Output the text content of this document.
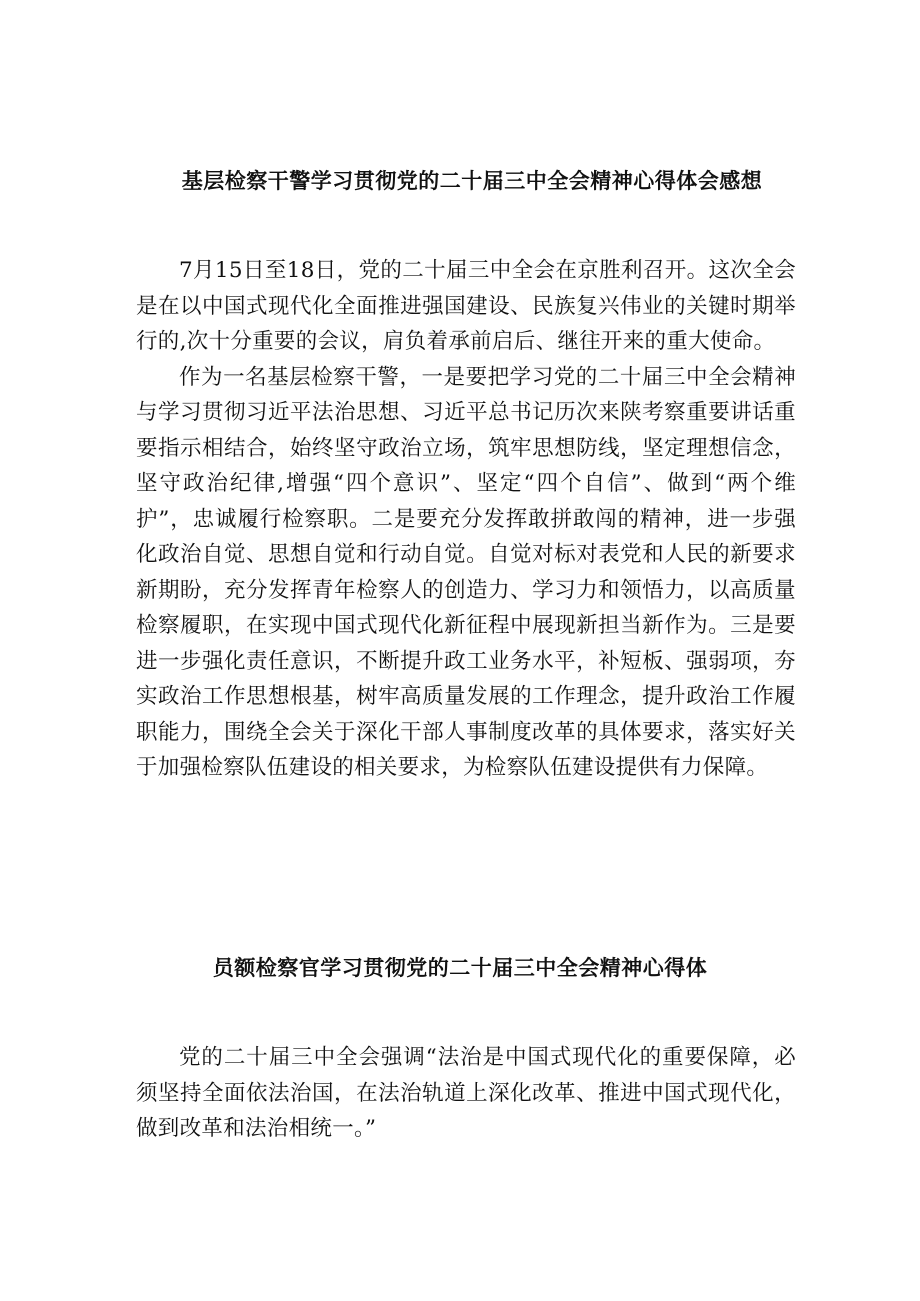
基层检察干警学习贯彻党的二十届三中全会精神心得体会感想

7月15日至18日，党的二十届三中全会在京胜利召开。这次全会是在以中国式现代化全面推进强国建设、民族复兴伟业的关键时期举行的,次十分重要的会议，肩负着承前启后、继往开来的重大使命。

作为一名基层检察干警，一是要把学习党的二十届三中全会精神与学习贯彻习近平法治思想、习近平总书记历次来陕考察重要讲话重要指示相结合，始终坚守政治立场，筑牢思想防线，坚定理想信念，坚守政治纪律,增强“四个意识”、坚定“四个自信”、做到“两个维护”，忠诚履行检察职。二是要充分发挥敢拼敢闯的精神，进一步强化政治自觉、思想自觉和行动自觉。自觉对标对表党和人民的新要求新期盼，充分发挥青年检察人的创造力、学习力和领悟力，以高质量检察履职，在实现中国式现代化新征程中展现新担当新作为。三是要进一步强化责任意识，不断提升政工业务水平，补短板、强弱项，夯实政治工作思想根基，树牢高质量发展的工作理念，提升政治工作履职能力，围绕全会关于深化干部人事制度改革的具体要求，落实好关于加强检察队伍建设的相关要求，为检察队伍建设提供有力保障。

员额检察官学习贯彻党的二十届三中全会精神心得体

党的二十届三中全会强调“法治是中国式现代化的重要保障，必须坚持全面依法治国，在法治轨道上深化改革、推进中国式现代化，做到改革和法治相统一。”
